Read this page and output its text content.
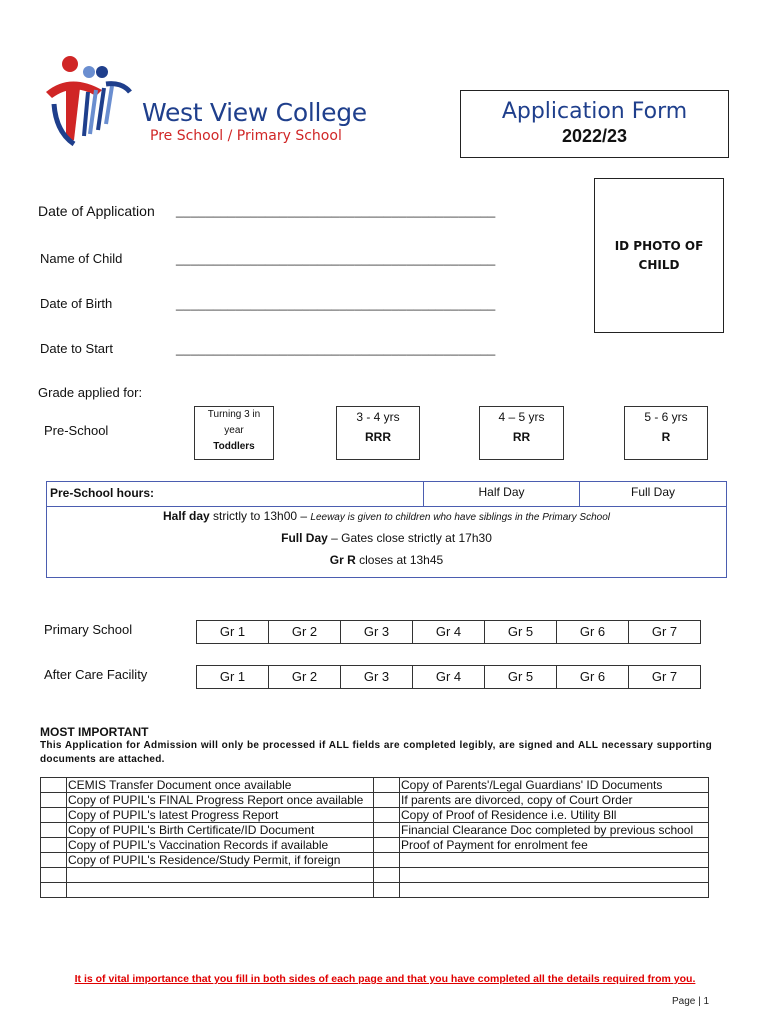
West View College
Pre School / Primary School
Application Form
2022/23
ID PHOTO OF
CHILD
Date of Application ___________________________________________
Name of Child	___________________________________________
Date of Birth	___________________________________________
Date to Start	___________________________________________
Grade applied for:
Pre-School
Turning 3 in
year
Toddlers
3 - 4 yrs
RRR
4 – 5 yrs
RR
5 - 6 yrs
R
Pre-School hours:	Half Day	Full Day
Half day strictly to 13h00 – Leeway is given to children who have siblings in the Primary School
Full Day – Gates close strictly at 17h30
Gr R closes at 13h45
Primary School	Gr 1	Gr 2	Gr 3	Gr 4	Gr 5	Gr 6	Gr 7
After Care Facility	Gr 1	Gr 2	Gr 3	Gr 4	Gr 5	Gr 6	Gr 7
MOST IMPORTANT
This Application for Admission will only be processed if ALL fields are completed legibly, are signed and ALL necessary supporting documents are attached.
	CEMIS Transfer Document once available		Copy of Parents'/Legal Guardians' ID Documents
	Copy of PUPIL's FINAL Progress Report once available		If parents are divorced, copy of Court Order
	Copy of PUPIL's latest Progress Report		Copy of Proof of Residence i.e. Utility Bll
	Copy of PUPIL's Birth Certificate/ID Document		Financial Clearance Doc completed by previous school
	Copy of PUPIL's Vaccination Records if available		Proof of Payment for enrolment fee
	Copy of PUPIL's Residence/Study Permit, if foreign		

It is of vital importance that you fill in both sides of each page and that you have completed all the details required from you.
Page | 1
